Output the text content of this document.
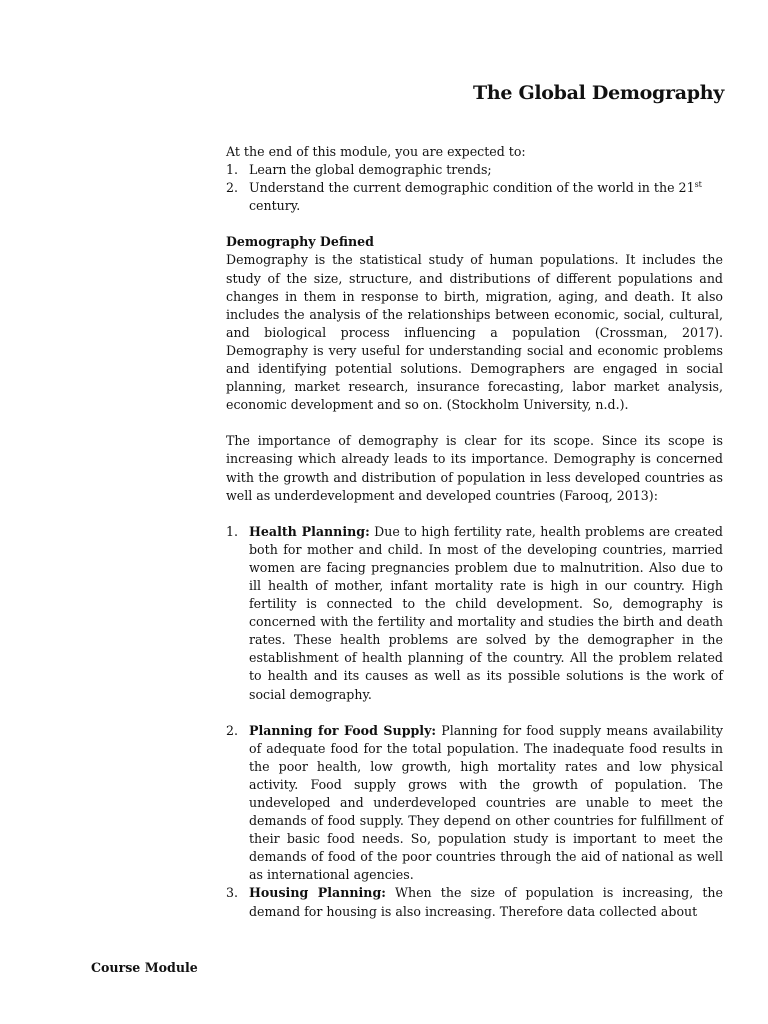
The Global Demography

At the end of this module, you are expected to:

1. Learn the global demographic trends;
2. Understand the current demographic condition of the world in the 21st century.

Demography Defined

Demography is the statistical study of human populations. It includes the study of the size, structure, and distributions of different populations and changes in them in response to birth, migration, aging, and death. It also includes the analysis of the relationships between economic, social, cultural, and biological process influencing a population (Crossman, 2017). Demography is very useful for understanding social and economic problems and identifying potential solutions. Demographers are engaged in social planning, market research, insurance forecasting, labor market analysis, economic development and so on. (Stockholm University, n.d.).

The importance of demography is clear for its scope. Since its scope is increasing which already leads to its importance. Demography is concerned with the growth and distribution of population in less developed countries as well as underdevelopment and developed countries (Farooq, 2013):

1. Health Planning: Due to high fertility rate, health problems are created both for mother and child. In most of the developing countries, married women are facing pregnancies problem due to malnutrition. Also due to ill health of mother, infant mortality rate is high in our country. High fertility is connected to the child development. So, demography is concerned with the fertility and mortality and studies the birth and death rates. These health problems are solved by the demographer in the establishment of health planning of the country. All the problem related to health and its causes as well as its possible solutions is the work of social demography.
2. Planning for Food Supply: Planning for food supply means availability of adequate food for the total population. The inadequate food results in the poor health, low growth, high mortality rates and low physical activity. Food supply grows with the growth of population. The undeveloped and underdeveloped countries are unable to meet the demands of food supply. They depend on other countries for fulfillment of their basic food needs. So, population study is important to meet the demands of food of the poor countries through the aid of national as well as international agencies.
3. Housing Planning: When the size of population is increasing, the demand for housing is also increasing. Therefore data collected about

Course Module
